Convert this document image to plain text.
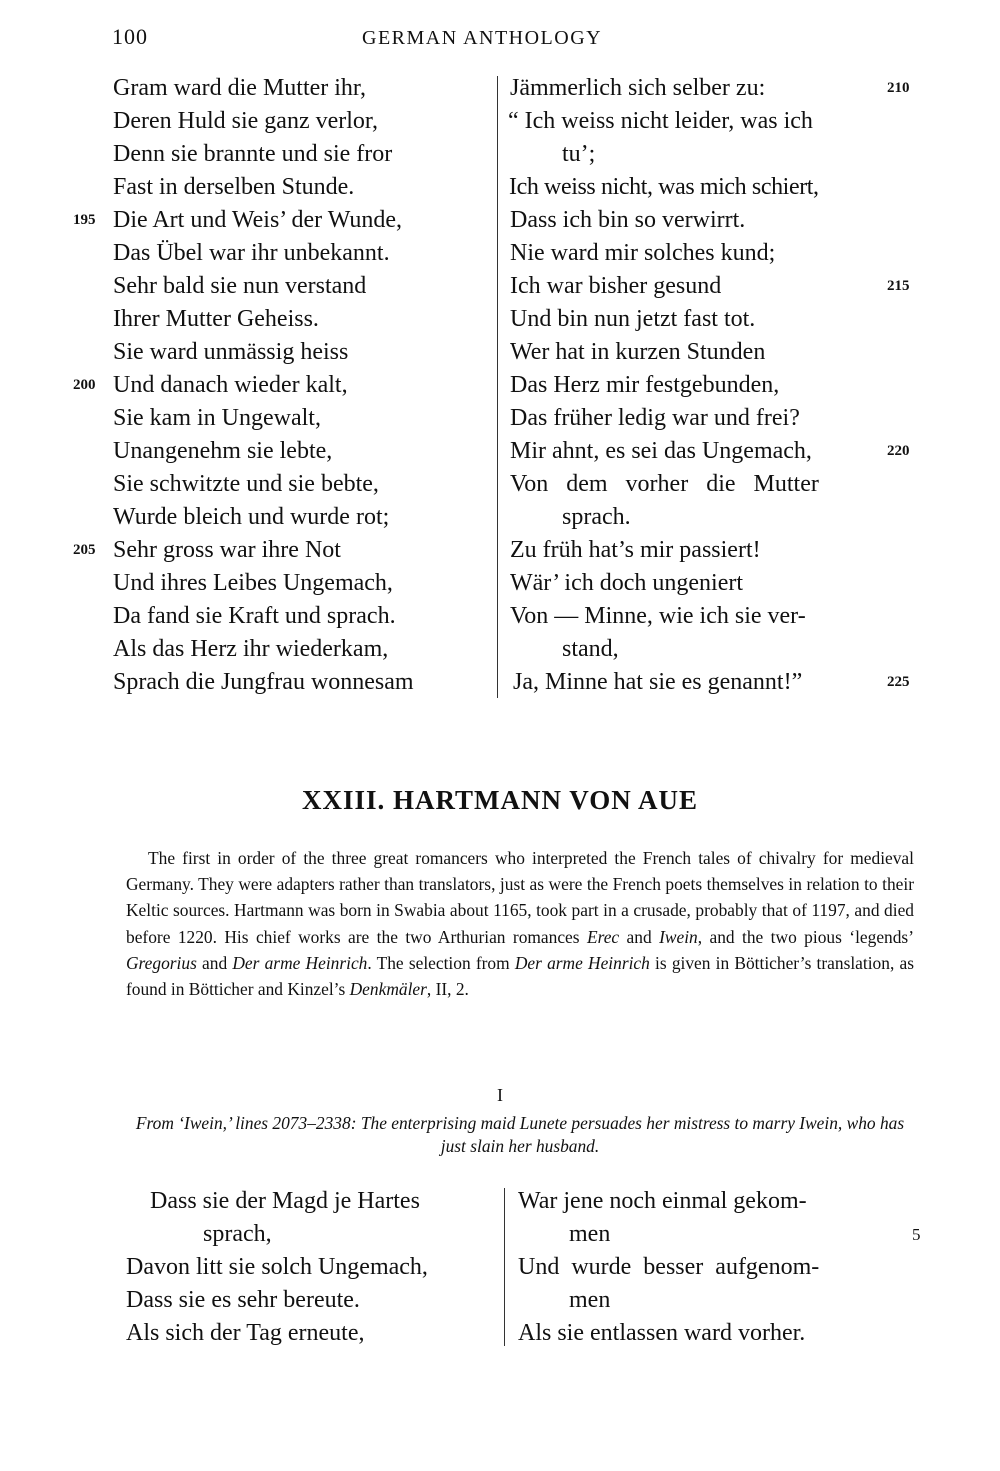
100	GERMAN ANTHOLOGY
Gram ward die Mutter ihr,
Deren Huld sie ganz verlor,
Denn sie brannte und sie fror
Fast in derselben Stunde.
Die Art und Weis’ der Wunde,
Das Übel war ihr unbekannt.
Sehr bald sie nun verstand
Ihrer Mutter Geheiss.
Sie ward unmässig heiss
Und danach wieder kalt,
Sie kam in Ungewalt,
Unangenehm sie lebte,
Sie schwitzte und sie bebte,
Wurde bleich und wurde rot;
Sehr gross war ihre Not
Und ihres Leibes Ungemach,
Da fand sie Kraft und sprach.
Als das Herz ihr wiederkam,
Sprach die Jungfrau wonnesam
195
200
205
Jämmerlich sich selber zu:
“ Ich weiss nicht leider, was ich
tu’;
Ich weiss nicht, was mich schiert,
Dass ich bin so verwirrt.
Nie ward mir solches kund;
Ich war bisher gesund
Und bin nun jetzt fast tot.
Wer hat in kurzen Stunden
Das Herz mir festgebunden,
Das früher ledig war und frei?
Mir ahnt, es sei das Ungemach,
Von dem vorher die Mutter
sprach.
Zu früh hat’s mir passiert!
Wär’ ich doch ungeniert
Von — Minne, wie ich sie ver-
stand,
Ja, Minne hat sie es genannt!”
210
215
220
225
XXIII. HARTMANN VON AUE

The first in order of the three great romancers who interpreted the French tales of chivalry for medieval Germany. They were adapters rather than translators, just as were the French poets themselves in relation to their Keltic sources. Hartmann was born in Swabia about 1165, took part in a crusade, probably that of 1197, and died before 1220. His chief works are the two Arthurian romances Erec and Iwein, and the two pious ‘legends’ Gregorius and Der arme Heinrich. The selection from Der arme Heinrich is given in Bötticher’s translation, as found in Bötticher and Kinzel’s Denkmäler, II, 2.

I
From ‘Iwein,’ lines 2073–2338: The enterprising maid Lunete persuades her mistress to marry Iwein, who has just slain her husband.
Dass sie der Magd je Hartes
sprach,
Davon litt sie solch Ungemach,
Dass sie es sehr bereute.
Als sich der Tag erneute,
War jene noch einmal gekom-
men
Und wurde besser aufgenom-
men
Als sie entlassen ward vorher.
5
